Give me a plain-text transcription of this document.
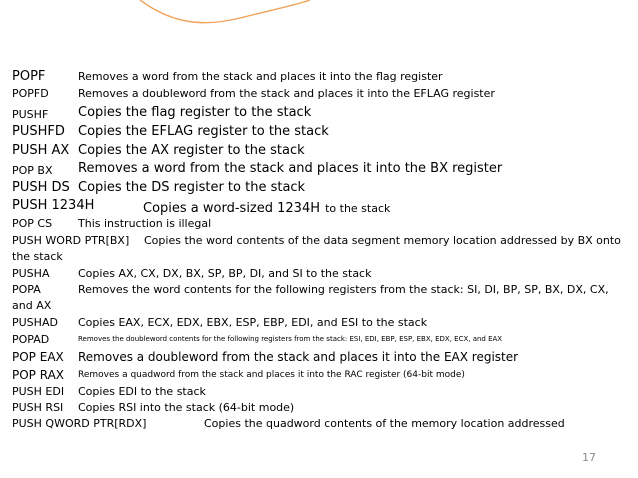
POPF	Removes a word from the stack and places it into the flag register
POPFD	Removes a doubleword from the stack and places it into the EFLAG register
PUSHF Copies the flag register to the stack
PUSHFD Copies the EFLAG register to the stack
PUSH AX Copies the AX register to the stack
POP BX Removes a word from the stack and places it into the BX register
PUSH DS Copies the DS register to the stack
PUSH 1234H	Copies a word-sized 1234H to the stack
POP CS This instruction is illegal
PUSH WORD PTR[BX] Copies the word contents of the data segment memory location addressed by BX onto
the stack
PUSHA	Copies AX, CX, DX, BX, SP, BP, DI, and SI to the stack
POPA	Removes the word contents for the following registers from the stack: SI, DI, BP, SP, BX, DX, CX,
and AX
PUSHAD Copies EAX, ECX, EDX, EBX, ESP, EBP, EDI, and ESI to the stack
POPAD	Removes the doubleword contents for the following registers from the stack: ESI, EDI, EBP, ESP, EBX, EDX, ECX, and EAX
POP EAX Removes a doubleword from the stack and places it into the EAX register
POP RAX Removes a quadword from the stack and places it into the RAC register (64-bit mode)
PUSH EDI Copies EDI to the stack
PUSH RSI Copies RSI into the stack (64-bit mode)
PUSH QWORD PTR[RDX]	Copies the quadword contents of the memory location addressed
17
